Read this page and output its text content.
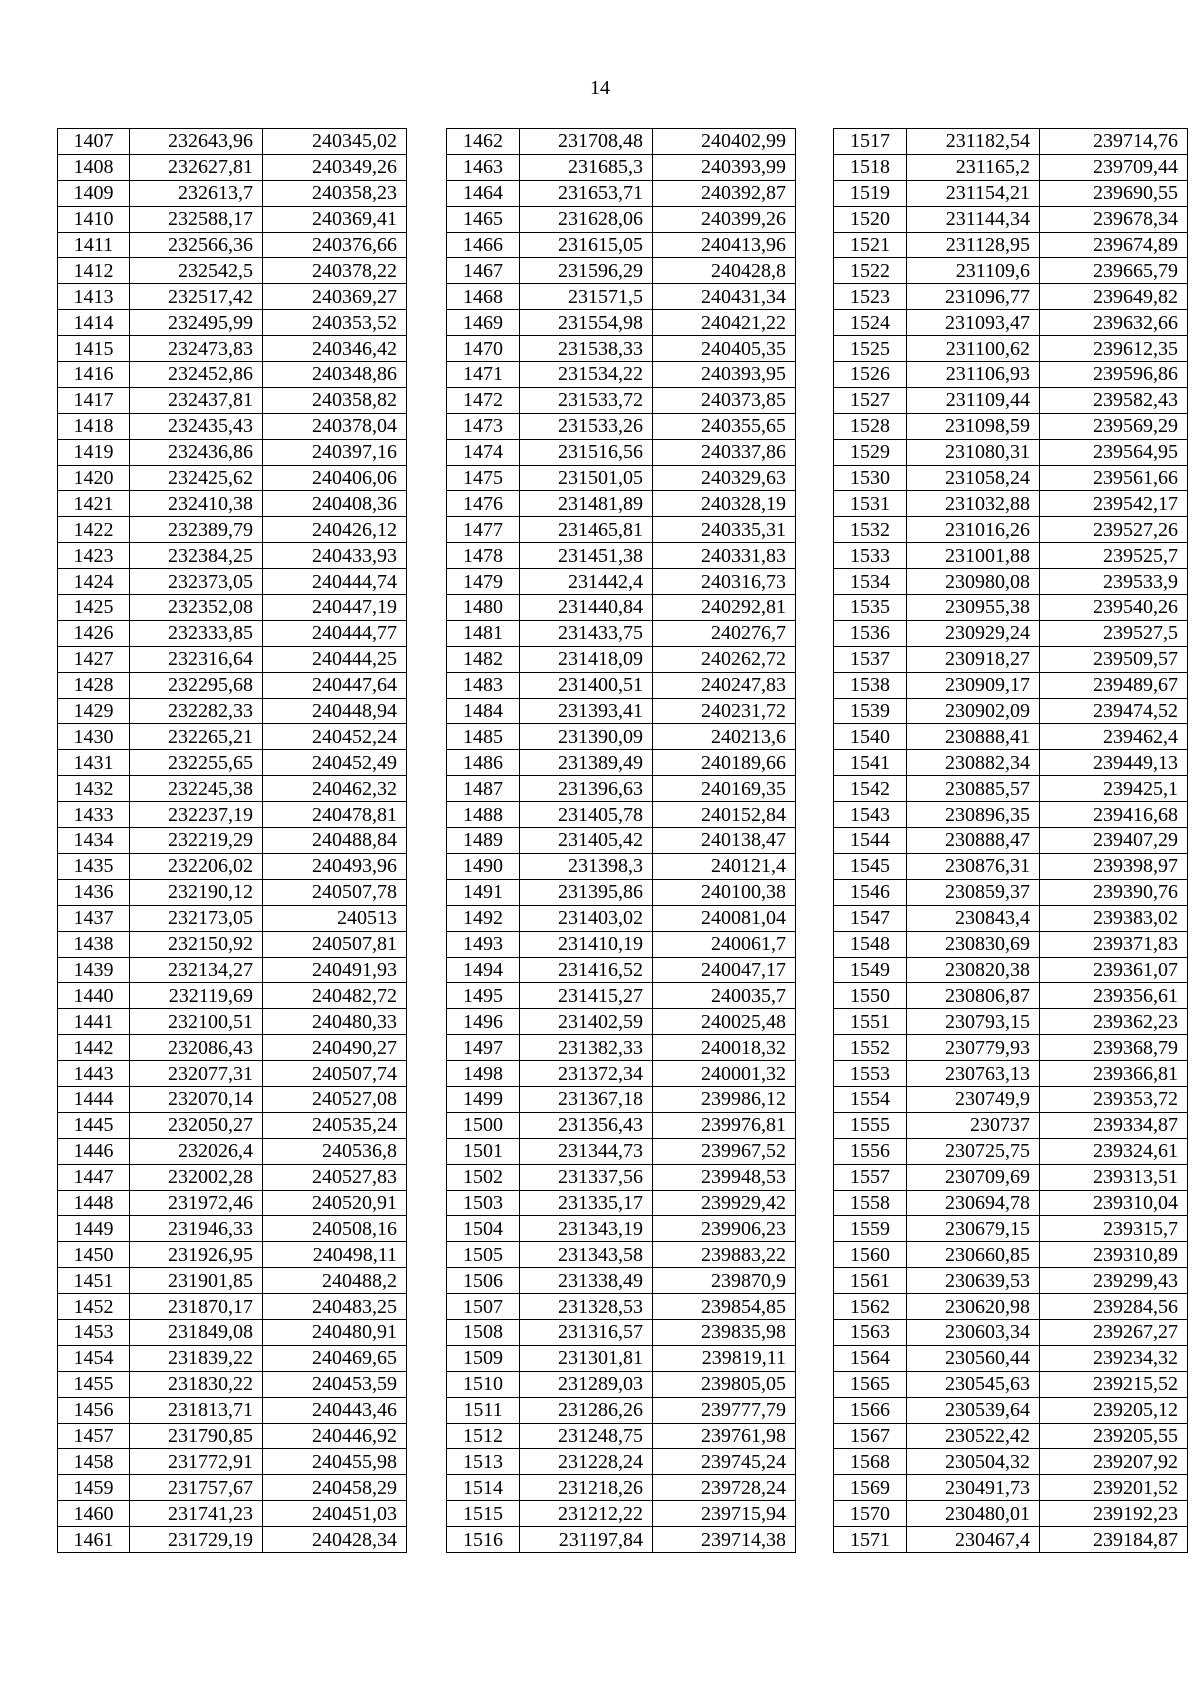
14
1407	232643,96	240345,02
1408	232627,81	240349,26
1409	232613,7	240358,23
1410	232588,17	240369,41
1411	232566,36	240376,66
1412	232542,5	240378,22
1413	232517,42	240369,27
1414	232495,99	240353,52
1415	232473,83	240346,42
1416	232452,86	240348,86
1417	232437,81	240358,82
1418	232435,43	240378,04
1419	232436,86	240397,16
1420	232425,62	240406,06
1421	232410,38	240408,36
1422	232389,79	240426,12
1423	232384,25	240433,93
1424	232373,05	240444,74
1425	232352,08	240447,19
1426	232333,85	240444,77
1427	232316,64	240444,25
1428	232295,68	240447,64
1429	232282,33	240448,94
1430	232265,21	240452,24
1431	232255,65	240452,49
1432	232245,38	240462,32
1433	232237,19	240478,81
1434	232219,29	240488,84
1435	232206,02	240493,96
1436	232190,12	240507,78
1437	232173,05	240513
1438	232150,92	240507,81
1439	232134,27	240491,93
1440	232119,69	240482,72
1441	232100,51	240480,33
1442	232086,43	240490,27
1443	232077,31	240507,74
1444	232070,14	240527,08
1445	232050,27	240535,24
1446	232026,4	240536,8
1447	232002,28	240527,83
1448	231972,46	240520,91
1449	231946,33	240508,16
1450	231926,95	240498,11
1451	231901,85	240488,2
1452	231870,17	240483,25
1453	231849,08	240480,91
1454	231839,22	240469,65
1455	231830,22	240453,59
1456	231813,71	240443,46
1457	231790,85	240446,92
1458	231772,91	240455,98
1459	231757,67	240458,29
1460	231741,23	240451,03
1461	231729,19	240428,34
1462	231708,48	240402,99
1463	231685,3	240393,99
1464	231653,71	240392,87
1465	231628,06	240399,26
1466	231615,05	240413,96
1467	231596,29	240428,8
1468	231571,5	240431,34
1469	231554,98	240421,22
1470	231538,33	240405,35
1471	231534,22	240393,95
1472	231533,72	240373,85
1473	231533,26	240355,65
1474	231516,56	240337,86
1475	231501,05	240329,63
1476	231481,89	240328,19
1477	231465,81	240335,31
1478	231451,38	240331,83
1479	231442,4	240316,73
1480	231440,84	240292,81
1481	231433,75	240276,7
1482	231418,09	240262,72
1483	231400,51	240247,83
1484	231393,41	240231,72
1485	231390,09	240213,6
1486	231389,49	240189,66
1487	231396,63	240169,35
1488	231405,78	240152,84
1489	231405,42	240138,47
1490	231398,3	240121,4
1491	231395,86	240100,38
1492	231403,02	240081,04
1493	231410,19	240061,7
1494	231416,52	240047,17
1495	231415,27	240035,7
1496	231402,59	240025,48
1497	231382,33	240018,32
1498	231372,34	240001,32
1499	231367,18	239986,12
1500	231356,43	239976,81
1501	231344,73	239967,52
1502	231337,56	239948,53
1503	231335,17	239929,42
1504	231343,19	239906,23
1505	231343,58	239883,22
1506	231338,49	239870,9
1507	231328,53	239854,85
1508	231316,57	239835,98
1509	231301,81	239819,11
1510	231289,03	239805,05
1511	231286,26	239777,79
1512	231248,75	239761,98
1513	231228,24	239745,24
1514	231218,26	239728,24
1515	231212,22	239715,94
1516	231197,84	239714,38
1517	231182,54	239714,76
1518	231165,2	239709,44
1519	231154,21	239690,55
1520	231144,34	239678,34
1521	231128,95	239674,89
1522	231109,6	239665,79
1523	231096,77	239649,82
1524	231093,47	239632,66
1525	231100,62	239612,35
1526	231106,93	239596,86
1527	231109,44	239582,43
1528	231098,59	239569,29
1529	231080,31	239564,95
1530	231058,24	239561,66
1531	231032,88	239542,17
1532	231016,26	239527,26
1533	231001,88	239525,7
1534	230980,08	239533,9
1535	230955,38	239540,26
1536	230929,24	239527,5
1537	230918,27	239509,57
1538	230909,17	239489,67
1539	230902,09	239474,52
1540	230888,41	239462,4
1541	230882,34	239449,13
1542	230885,57	239425,1
1543	230896,35	239416,68
1544	230888,47	239407,29
1545	230876,31	239398,97
1546	230859,37	239390,76
1547	230843,4	239383,02
1548	230830,69	239371,83
1549	230820,38	239361,07
1550	230806,87	239356,61
1551	230793,15	239362,23
1552	230779,93	239368,79
1553	230763,13	239366,81
1554	230749,9	239353,72
1555	230737	239334,87
1556	230725,75	239324,61
1557	230709,69	239313,51
1558	230694,78	239310,04
1559	230679,15	239315,7
1560	230660,85	239310,89
1561	230639,53	239299,43
1562	230620,98	239284,56
1563	230603,34	239267,27
1564	230560,44	239234,32
1565	230545,63	239215,52
1566	230539,64	239205,12
1567	230522,42	239205,55
1568	230504,32	239207,92
1569	230491,73	239201,52
1570	230480,01	239192,23
1571	230467,4	239184,87
